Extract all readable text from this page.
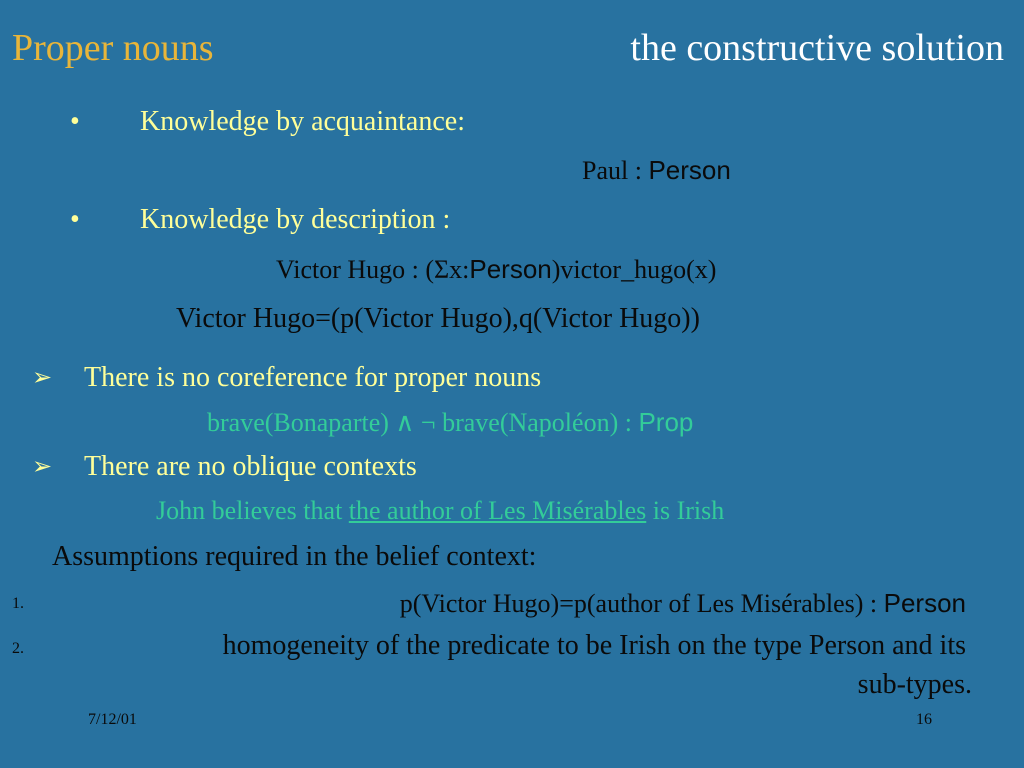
Proper nouns	the constructive solution
• Knowledge by acquaintance:
Paul : Person
• Knowledge by description :
Victor Hugo : (Σx:Person)victor_hugo(x)
Victor Hugo=(p(Victor Hugo),q(Victor Hugo))
➢ There is no coreference for proper nouns
brave(Bonaparte) ∧ ¬ brave(Napoléon) : Prop
➢ There are no oblique contexts
John believes that the author of Les Misérables is Irish
Assumptions required in the belief context:
1.	p(Victor Hugo)=p(author of Les Misérables) : Person
2.	homogeneity of the predicate to be Irish on the type Person and its
sub-types.
7/12/01	16
